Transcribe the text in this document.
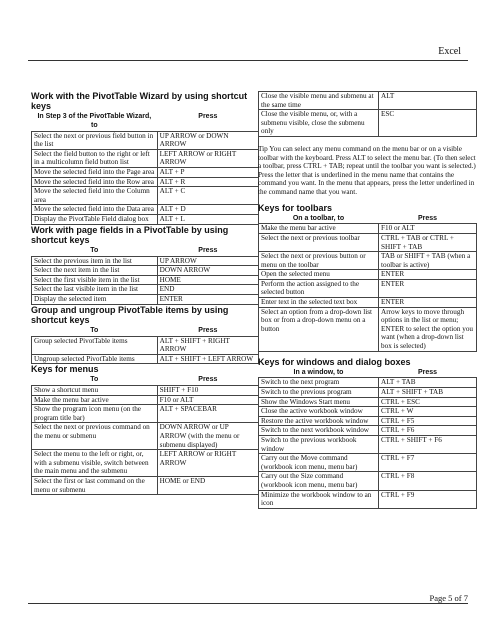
Excel
Work with the PivotTable Wizard by using shortcut keys
In Step 3 of the PivotTable Wizard, to	Press
Select the next or previous field button in the list	UP ARROW or DOWN ARROW
Select the field button to the right or left in a multicolumn field button list	LEFT ARROW or RIGHT ARROW
Move the selected field into the Page area	ALT + P
Move the selected field into the Row area	ALT + R
Move the selected field into the Column area	ALT + C
Move the selected field into the Data area	ALT + D
Display the PivotTable Field dialog box	ALT + L
Work with page fields in a PivotTable by using shortcut keys
To	Press
Select the previous item in the list	UP ARROW
Select the next item in the list	DOWN ARROW
Select the first visible item in the list	HOME
Select the last visible item in the list	END
Display the selected item	ENTER
Group and ungroup PivotTable items by using shortcut keys
To	Press
Group selected PivotTable items	ALT + SHIFT + RIGHT ARROW
Ungroup selected PivotTable items	ALT + SHIFT + LEFT ARROW
Keys for menus
To	Press
Show a shortcut menu	SHIFT + F10
Make the menu bar active	F10 or ALT
Show the program icon menu (on the program title bar)	ALT + SPACEBAR
Select the next or previous command on the menu or submenu	DOWN ARROW or UP ARROW (with the menu or submenu displayed)
Select the menu to the left or right, or, with a submenu visible, switch between the main menu and the submenu	LEFT ARROW or RIGHT ARROW
Select the first or last command on the menu or submenu	HOME or END
Close the visible menu and submenu at the same time	ALT
Close the visible menu, or, with a submenu visible, close the submenu only	ESC
Tip You can select any menu command on the menu bar or on a visible toolbar with the keyboard. Press ALT to select the menu bar. (To then select a toolbar, press CTRL + TAB; repeat until the toolbar you want is selected.) Press the letter that is underlined in the menu name that contains the command you want. In the menu that appears, press the letter underlined in the command name that you want.
Keys for toolbars
On a toolbar, to	Press
Make the menu bar active	F10 or ALT
Select the next or previous toolbar	CTRL + TAB or CTRL + SHIFT + TAB
Select the next or previous button or menu on the toolbar	TAB or SHIFT + TAB (when a toolbar is active)
Open the selected menu	ENTER
Perform the action assigned to the selected button	ENTER
Enter text in the selected text box	ENTER
Select an option from a drop-down list box or from a drop-down menu on a button	Arrow keys to move through options in the list or menu; ENTER to select the option you want (when a drop-down list box is selected)
Keys for windows and dialog boxes
In a window, to	Press
Switch to the next program	ALT + TAB
Switch to the previous program	ALT + SHIFT + TAB
Show the Windows Start menu	CTRL + ESC
Close the active workbook window	CTRL + W
Restore the active workbook window	CTRL + F5
Switch to the next workbook window	CTRL + F6
Switch to the previous workbook window	CTRL + SHIFT + F6
Carry out the Move command (workbook icon menu, menu bar)	CTRL + F7
Carry out the Size command (workbook icon menu, menu bar)	CTRL + F8
Minimize the workbook window to an icon	CTRL + F9
Page 5 of 7
